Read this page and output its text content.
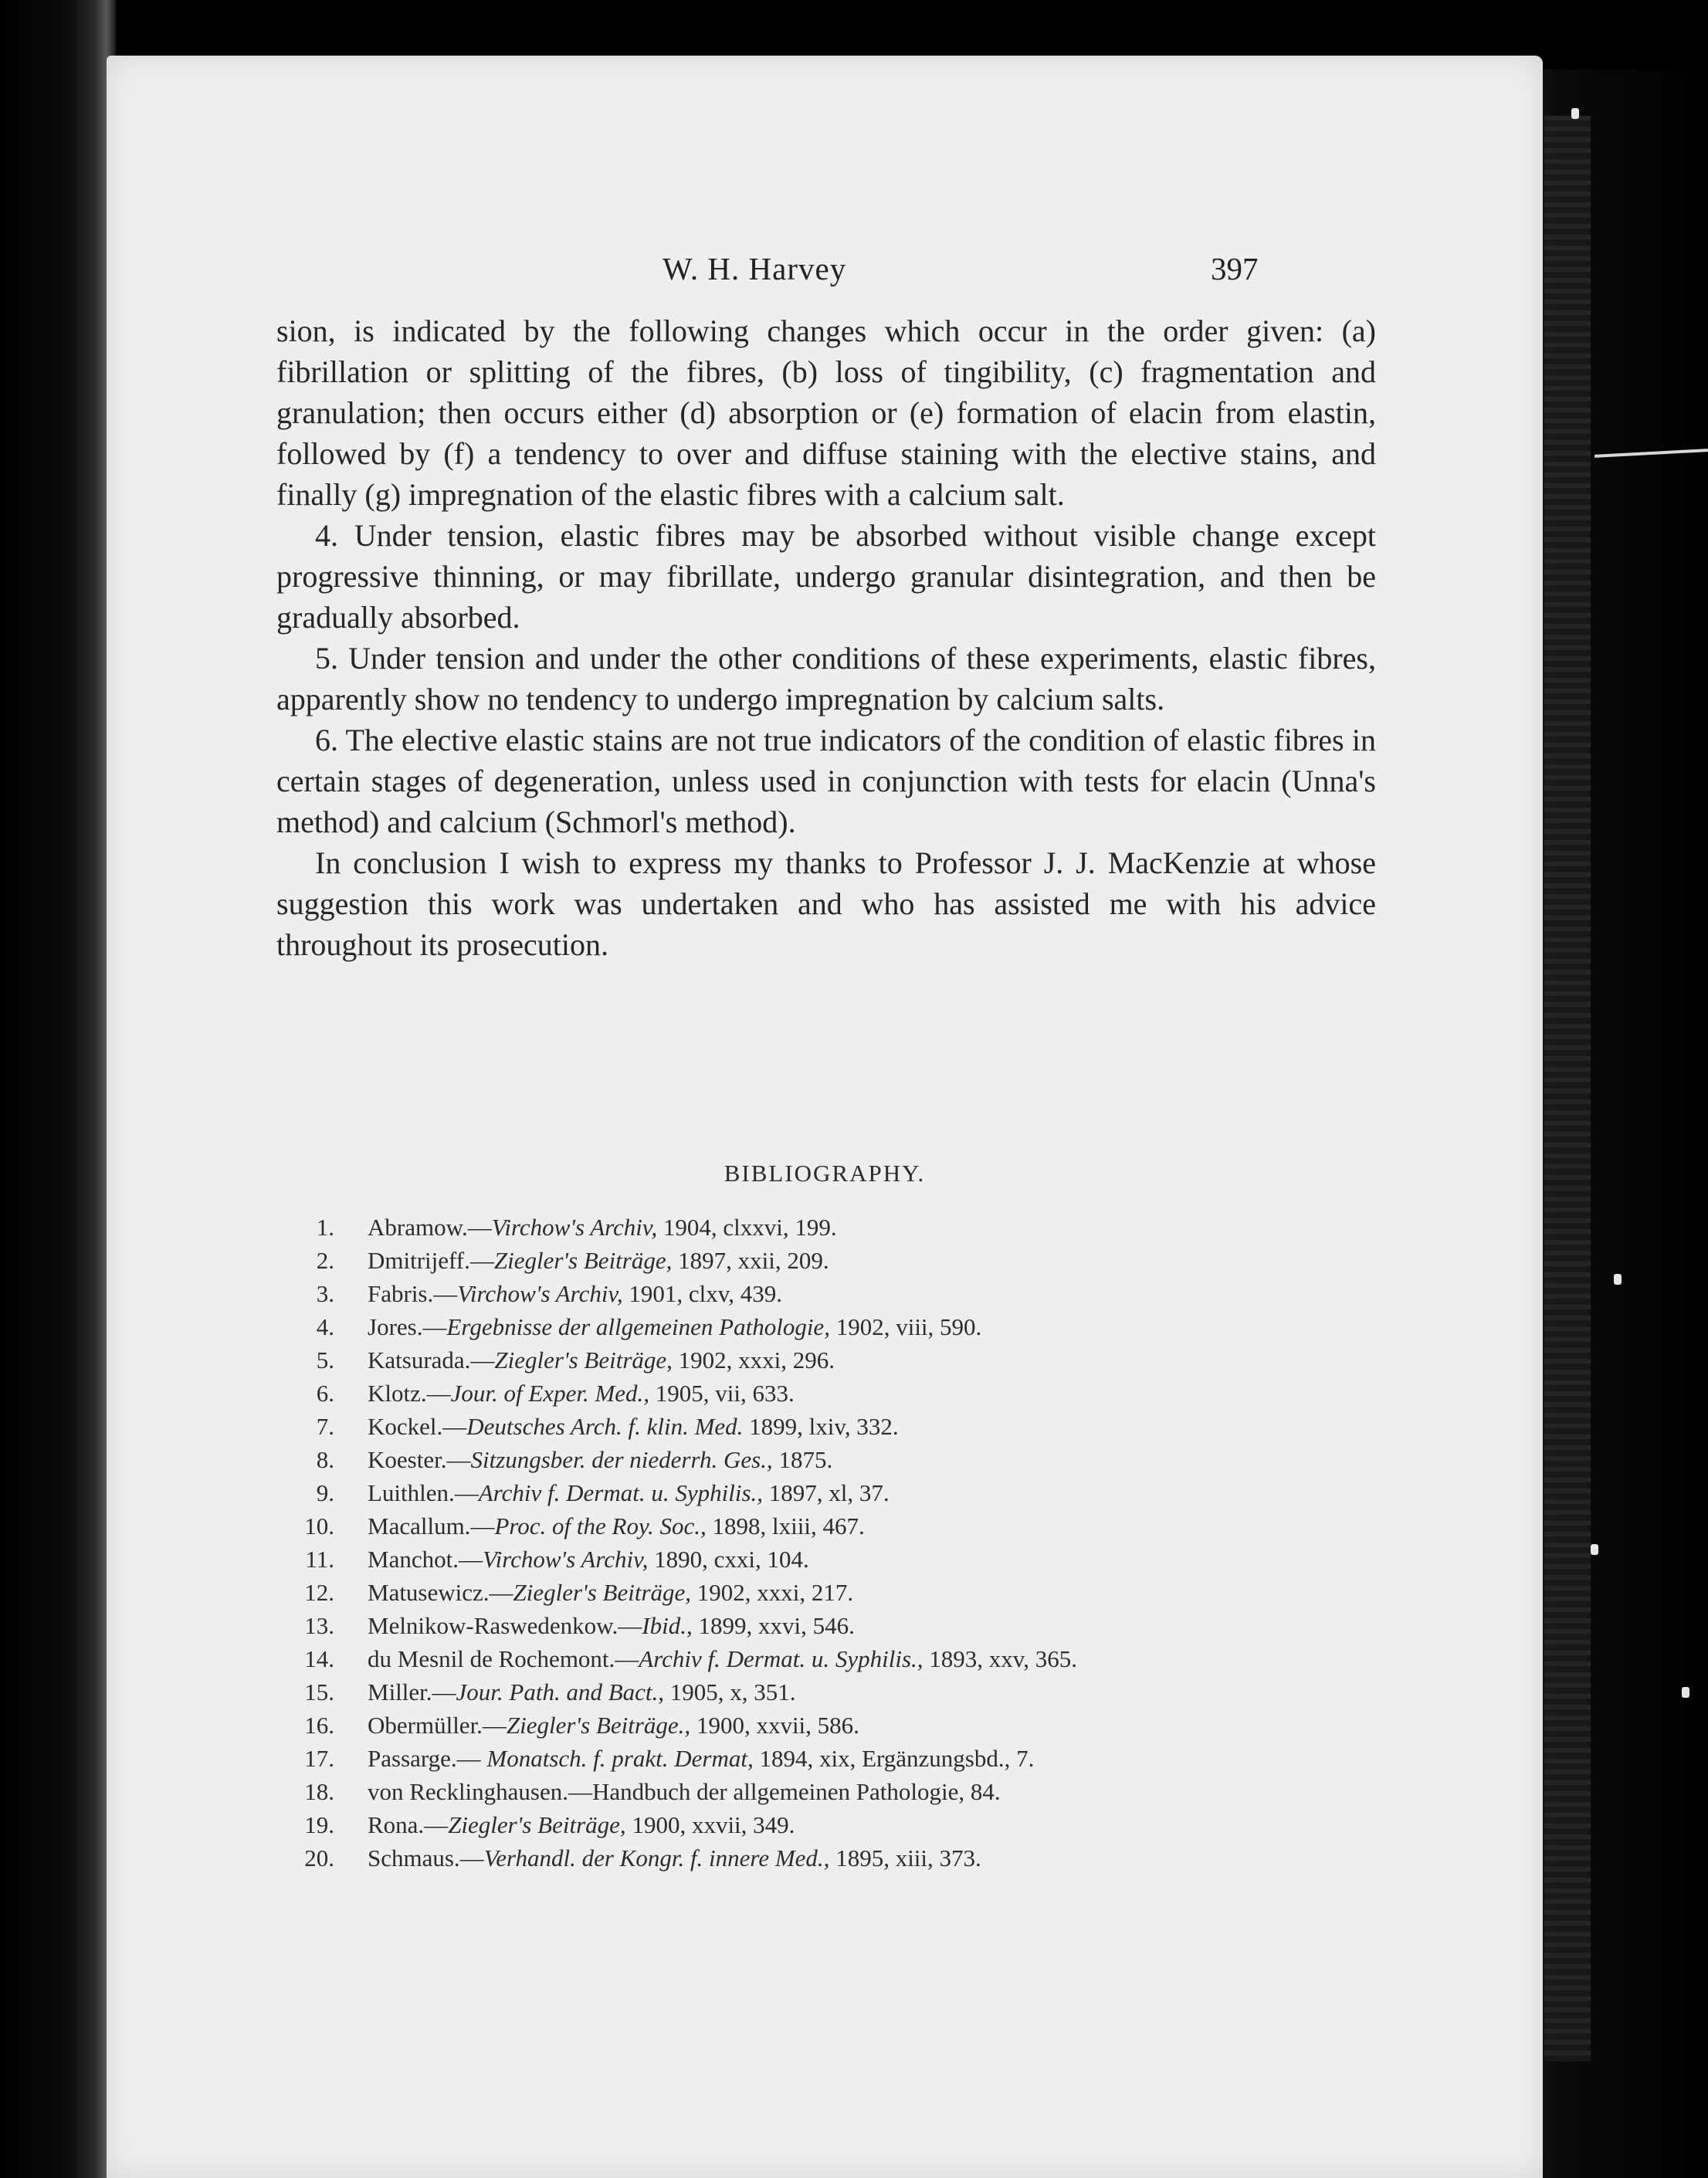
W. H. Harvey	397

sion, is indicated by the following changes which occur in the order given: (a) fibrillation or splitting of the fibres, (b) loss of tingibility, (c) fragmentation and granulation; then occurs either (d) absorption or (e) formation of elacin from elastin, followed by (f) a tendency to over and diffuse staining with the elective stains, and finally (g) impregnation of the elastic fibres with a calcium salt.

4. Under tension, elastic fibres may be absorbed without visible change except progressive thinning, or may fibrillate, undergo granular disintegration, and then be gradually absorbed.

5. Under tension and under the other conditions of these experiments, elastic fibres, apparently show no tendency to undergo impregnation by calcium salts.

6. The elective elastic stains are not true indicators of the condition of elastic fibres in certain stages of degeneration, unless used in conjunction with tests for elacin (Unna's method) and calcium (Schmorl's method).

In conclusion I wish to express my thanks to Professor J. J. MacKenzie at whose suggestion this work was undertaken and who has assisted me with his advice throughout its prosecution.

BIBLIOGRAPHY.
1. Abramow.—Virchow's Archiv, 1904, clxxvi, 199.
2. Dmitrijeff.—Ziegler's Beiträge, 1897, xxii, 209.
3. Fabris.—Virchow's Archiv, 1901, clxv, 439.
4. Jores.—Ergebnisse der allgemeinen Pathologie, 1902, viii, 590.
5. Katsurada.—Ziegler's Beiträge, 1902, xxxi, 296.
6. Klotz.—Jour. of Exper. Med., 1905, vii, 633.
7. Kockel.—Deutsches Arch. f. klin. Med. 1899, lxiv, 332.
8. Koester.—Sitzungsber. der niederrh. Ges., 1875.
9. Luithlen.—Archiv f. Dermat. u. Syphilis., 1897, xl, 37.
10. Macallum.—Proc. of the Roy. Soc., 1898, lxiii, 467.
11. Manchot.—Virchow's Archiv, 1890, cxxi, 104.
12. Matusewicz.—Ziegler's Beiträge, 1902, xxxi, 217.
13. Melnikow-Raswedenkow.—Ibid., 1899, xxvi, 546.
14. du Mesnil de Rochemont.—Archiv f. Dermat. u. Syphilis., 1893, xxv, 365.
15. Miller.—Jour. Path. and Bact., 1905, x, 351.
16. Obermüller.—Ziegler's Beiträge., 1900, xxvii, 586.
17. Passarge.— Monatsch. f. prakt. Dermat, 1894, xix, Ergänzungsbd., 7.
18. von Recklinghausen.—Handbuch der allgemeinen Pathologie, 84.
19. Rona.—Ziegler's Beiträge, 1900, xxvii, 349.
20. Schmaus.—Verhandl. der Kongr. f. innere Med., 1895, xiii, 373.
